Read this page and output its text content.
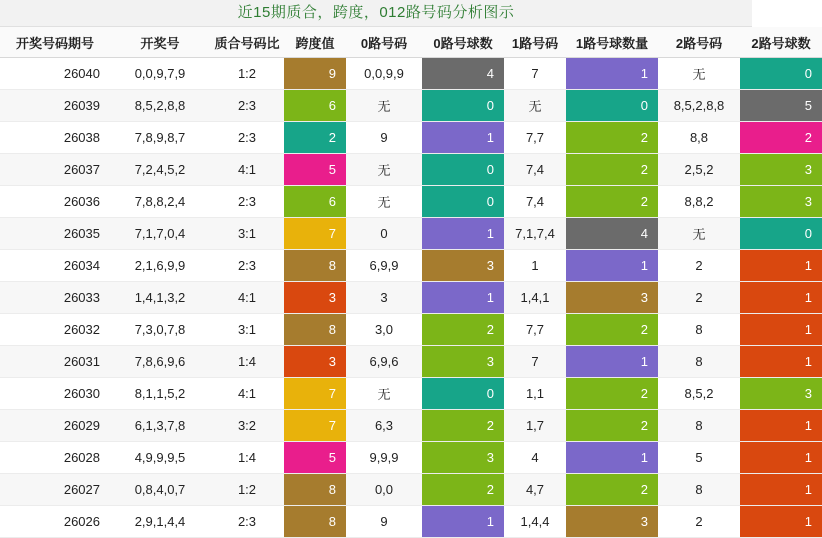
近15期质合，跨度，012路号码分析图示
开奖号码期号	开奖号	质合号码比	跨度值	0路号码	0路号球数	1路号码	1路号球数量	2路号码	2路号球数
26040	0,0,9,7,9	1:2	9	0,0,9,9	4	7	1	无	0
26039	8,5,2,8,8	2:3	6	无	0	无	0	8,5,2,8,8	5
26038	7,8,9,8,7	2:3	2	9	1	7,7	2	8,8	2
26037	7,2,4,5,2	4:1	5	无	0	7,4	2	2,5,2	3
26036	7,8,8,2,4	2:3	6	无	0	7,4	2	8,8,2	3
26035	7,1,7,0,4	3:1	7	0	1	7,1,7,4	4	无	0
26034	2,1,6,9,9	2:3	8	6,9,9	3	1	1	2	1
26033	1,4,1,3,2	4:1	3	3	1	1,4,1	3	2	1
26032	7,3,0,7,8	3:1	8	3,0	2	7,7	2	8	1
26031	7,8,6,9,6	1:4	3	6,9,6	3	7	1	8	1
26030	8,1,1,5,2	4:1	7	无	0	1,1	2	8,5,2	3
26029	6,1,3,7,8	3:2	7	6,3	2	1,7	2	8	1
26028	4,9,9,9,5	1:4	5	9,9,9	3	4	1	5	1
26027	0,8,4,0,7	1:2	8	0,0	2	4,7	2	8	1
26026	2,9,1,4,4	2:3	8	9	1	1,4,4	3	2	1
